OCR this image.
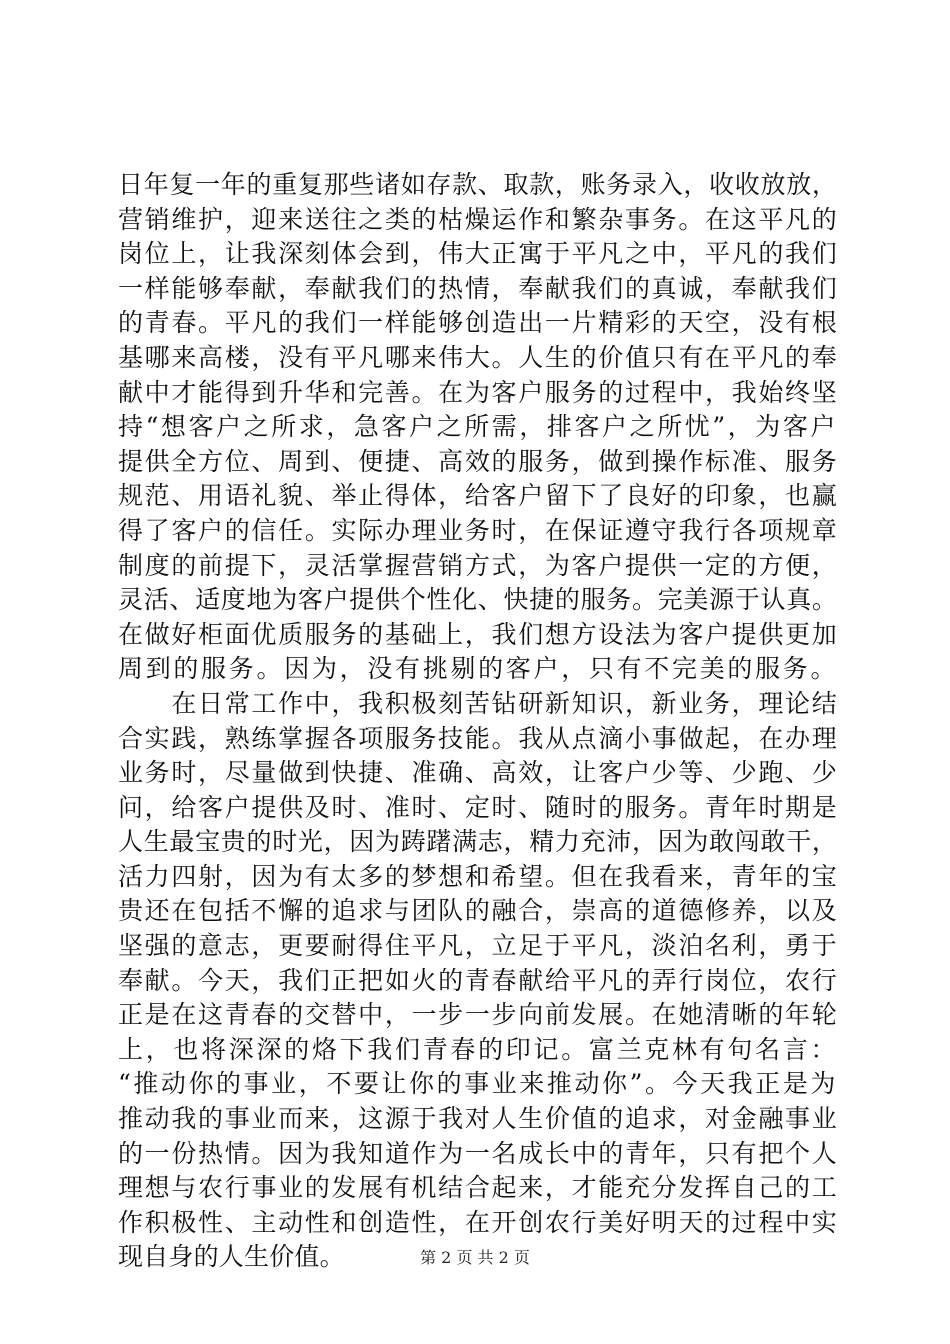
日年复一年的重复那些诸如存款、取款，账务录入，收收放放，
营销维护，迎来送往之类的枯燥运作和繁杂事务。在这平凡的
岗位上，让我深刻体会到，伟大正寓于平凡之中，平凡的我们
一样能够奉献，奉献我们的热情，奉献我们的真诚，奉献我们
的青春。平凡的我们一样能够创造出一片精彩的天空，没有根
基哪来高楼，没有平凡哪来伟大。人生的价值只有在平凡的奉
献中才能得到升华和完善。在为客户服务的过程中，我始终坚
持“想客户之所求，急客户之所需，排客户之所忧”，为客户
提供全方位、周到、便捷、高效的服务，做到操作标准、服务
规范、用语礼貌、举止得体，给客户留下了良好的印象，也赢
得了客户的信任。实际办理业务时，在保证遵守我行各项规章
制度的前提下，灵活掌握营销方式，为客户提供一定的方便，
灵活、适度地为客户提供个性化、快捷的服务。完美源于认真。
在做好柜面优质服务的基础上，我们想方设法为客户提供更加
周到的服务。因为，没有挑剔的客户，只有不完美的服务。
　　在日常工作中，我积极刻苦钻研新知识，新业务，理论结
合实践，熟练掌握各项服务技能。我从点滴小事做起，在办理
业务时，尽量做到快捷、准确、高效，让客户少等、少跑、少
问，给客户提供及时、准时、定时、随时的服务。青年时期是
人生最宝贵的时光，因为踌躇满志，精力充沛，因为敢闯敢干，
活力四射，因为有太多的梦想和希望。但在我看来，青年的宝
贵还在包括不懈的追求与团队的融合，崇高的道德修养，以及
坚强的意志，更要耐得住平凡，立足于平凡，淡泊名利，勇于
奉献。今天，我们正把如火的青春献给平凡的弄行岗位，农行
正是在这青春的交替中，一步一步向前发展。在她清晰的年轮
上，也将深深的烙下我们青春的印记。富兰克林有句名言：
“推动你的事业，不要让你的事业来推动你”。今天我正是为
推动我的事业而来，这源于我对人生价值的追求，对金融事业
的一份热情。因为我知道作为一名成长中的青年，只有把个人
理想与农行事业的发展有机结合起来，才能充分发挥自己的工
作积极性、主动性和创造性，在开创农行美好明天的过程中实
现自身的人生价值。	第 2 页 共 2 页
